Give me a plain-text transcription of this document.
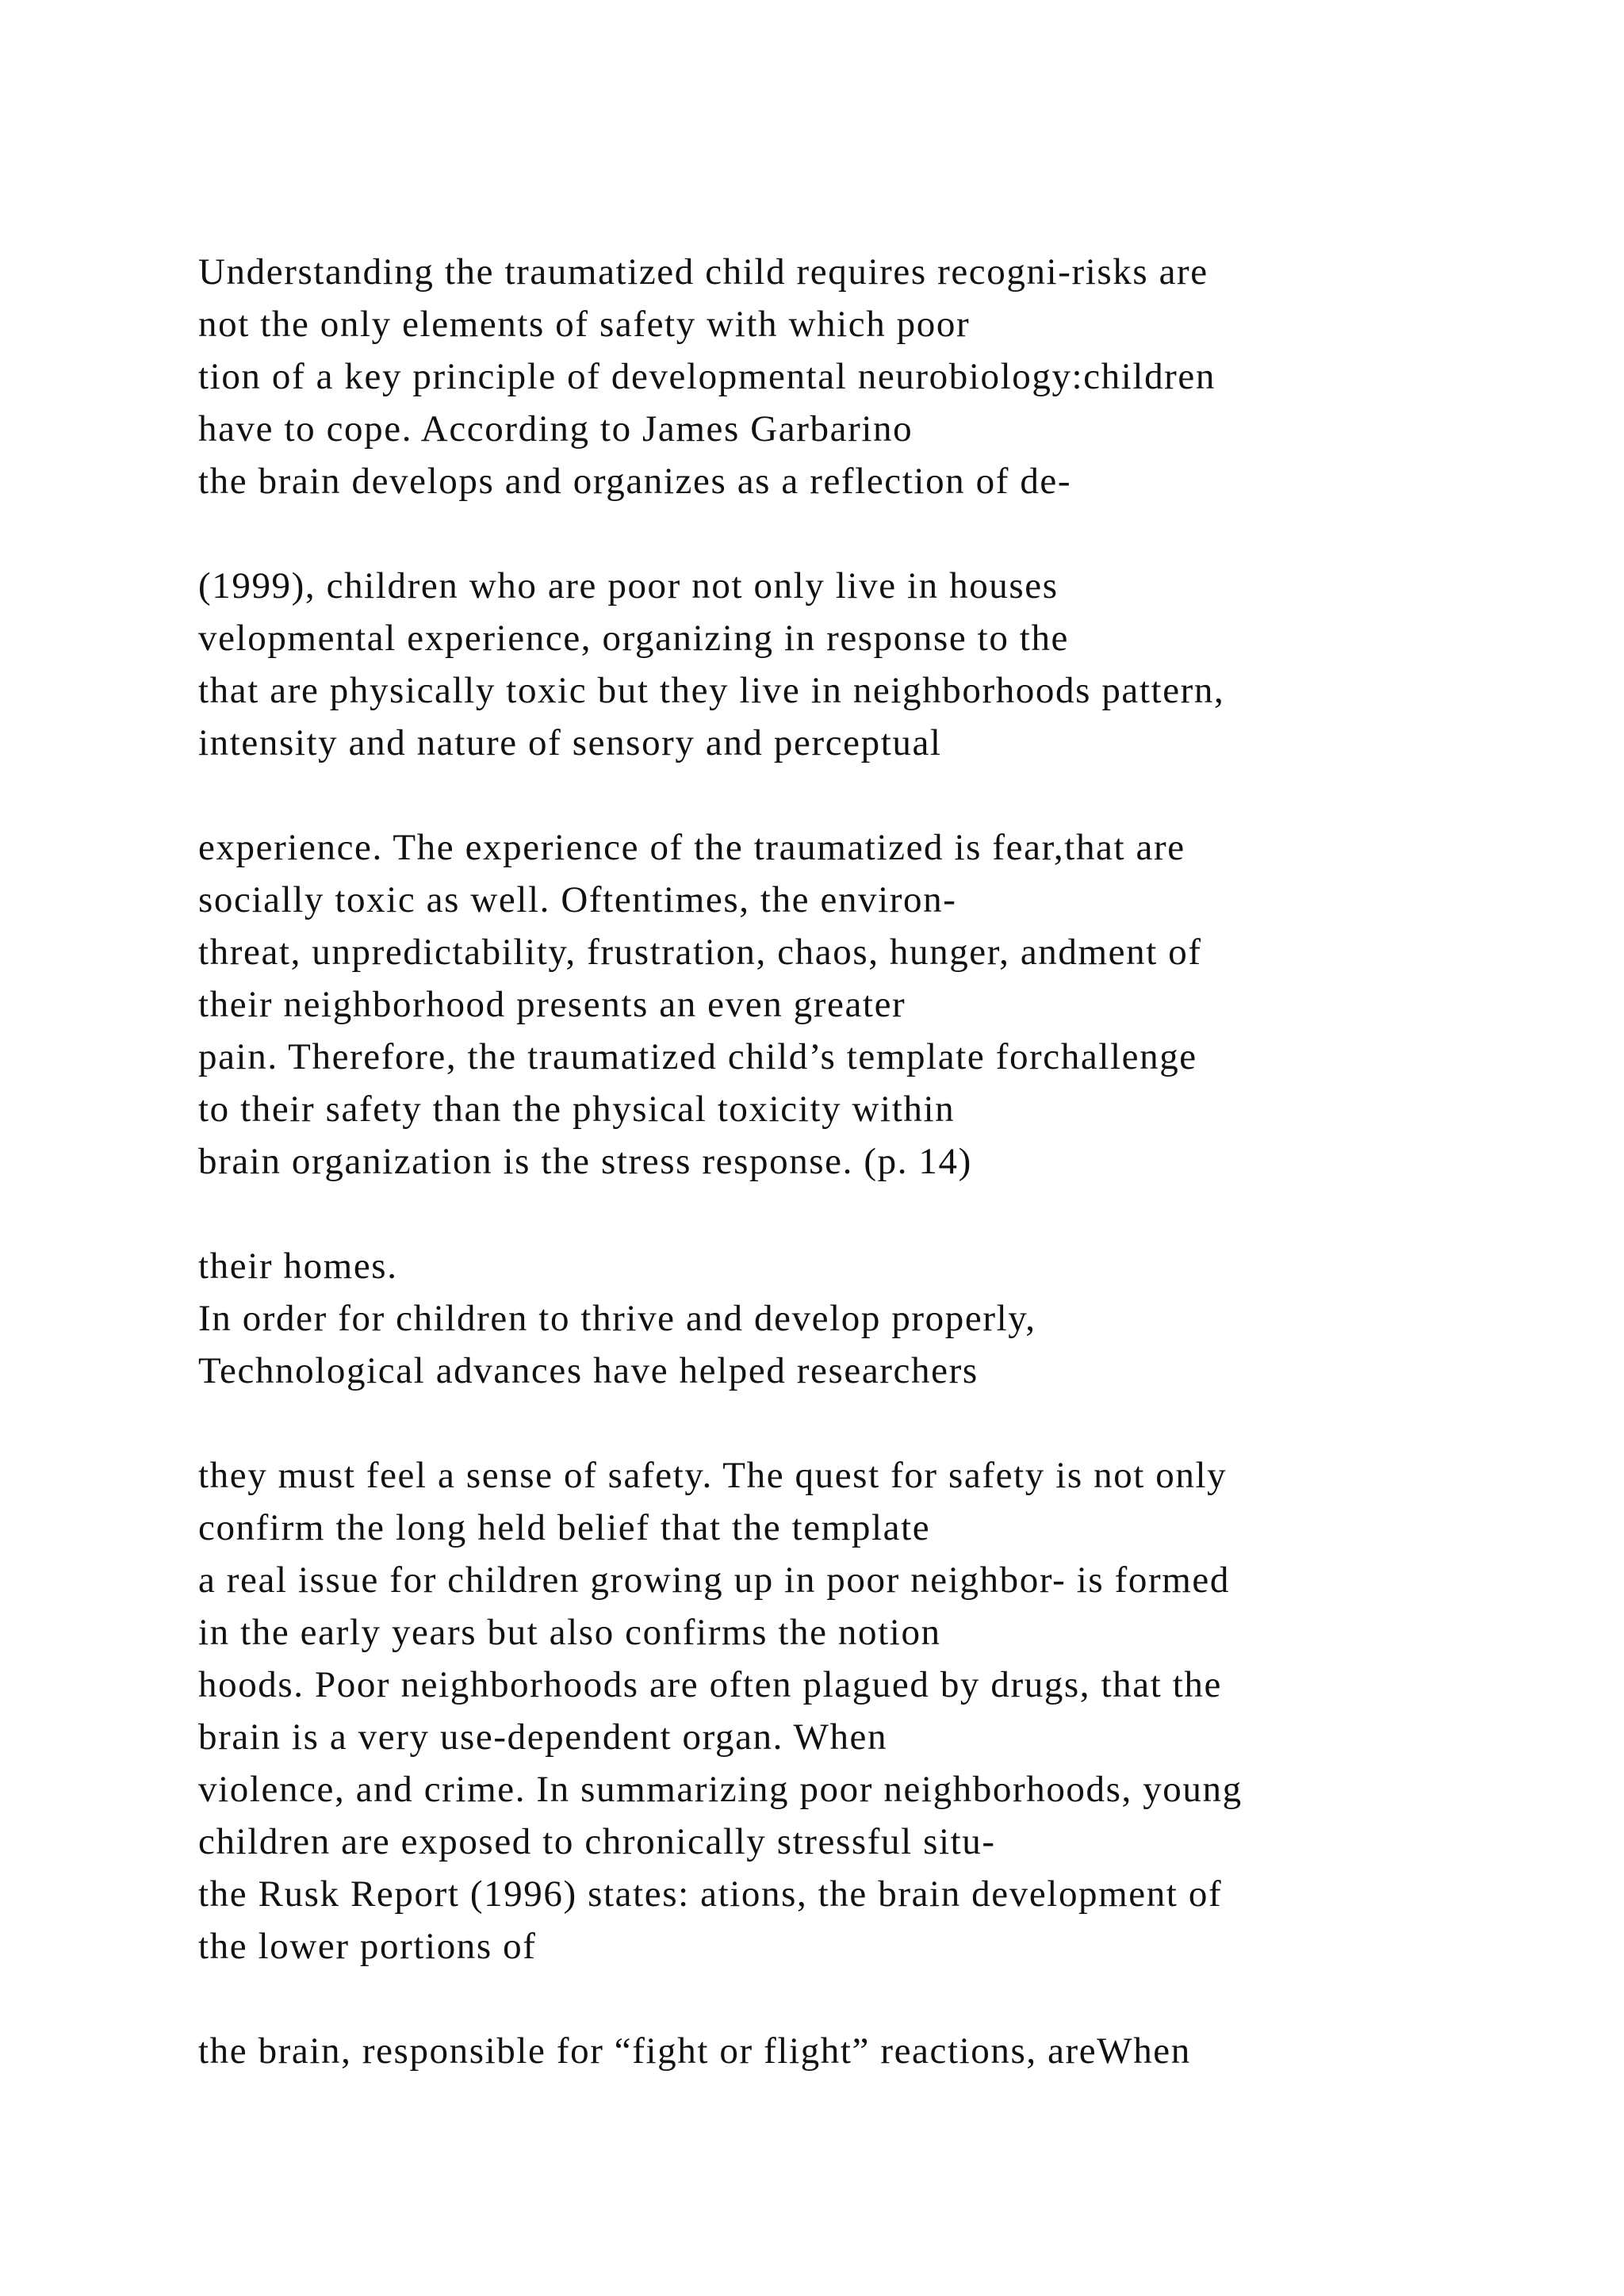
Understanding the traumatized child requires recogni-risks are
not the only elements of safety with which poor
tion of a key principle of developmental neurobiology:children
have to cope. According to James Garbarino
the brain develops and organizes as a reflection of de-
(1999), children who are poor not only live in houses
velopmental experience, organizing in response to the
that are physically toxic but they live in neighborhoods pattern,
intensity and nature of sensory and perceptual
experience. The experience of the traumatized is fear,that are
socially toxic as well. Oftentimes, the environ-
threat, unpredictability, frustration, chaos, hunger, andment of
their neighborhood presents an even greater
pain. Therefore, the traumatized child’s template forchallenge
to their safety than the physical toxicity within
brain organization is the stress response. (p. 14)
their homes.
In order for children to thrive and develop properly,
Technological advances have helped researchers
they must feel a sense of safety. The quest for safety is not only
confirm the long held belief that the template
a real issue for children growing up in poor neighbor- is formed
in the early years but also confirms the notion
hoods. Poor neighborhoods are often plagued by drugs, that the
brain is a very use-dependent organ. When
violence, and crime. In summarizing poor neighborhoods, young
children are exposed to chronically stressful situ-
the Rusk Report (1996) states: ations, the brain development of
the lower portions of
the brain, responsible for “fight or flight” reactions, areWhen
